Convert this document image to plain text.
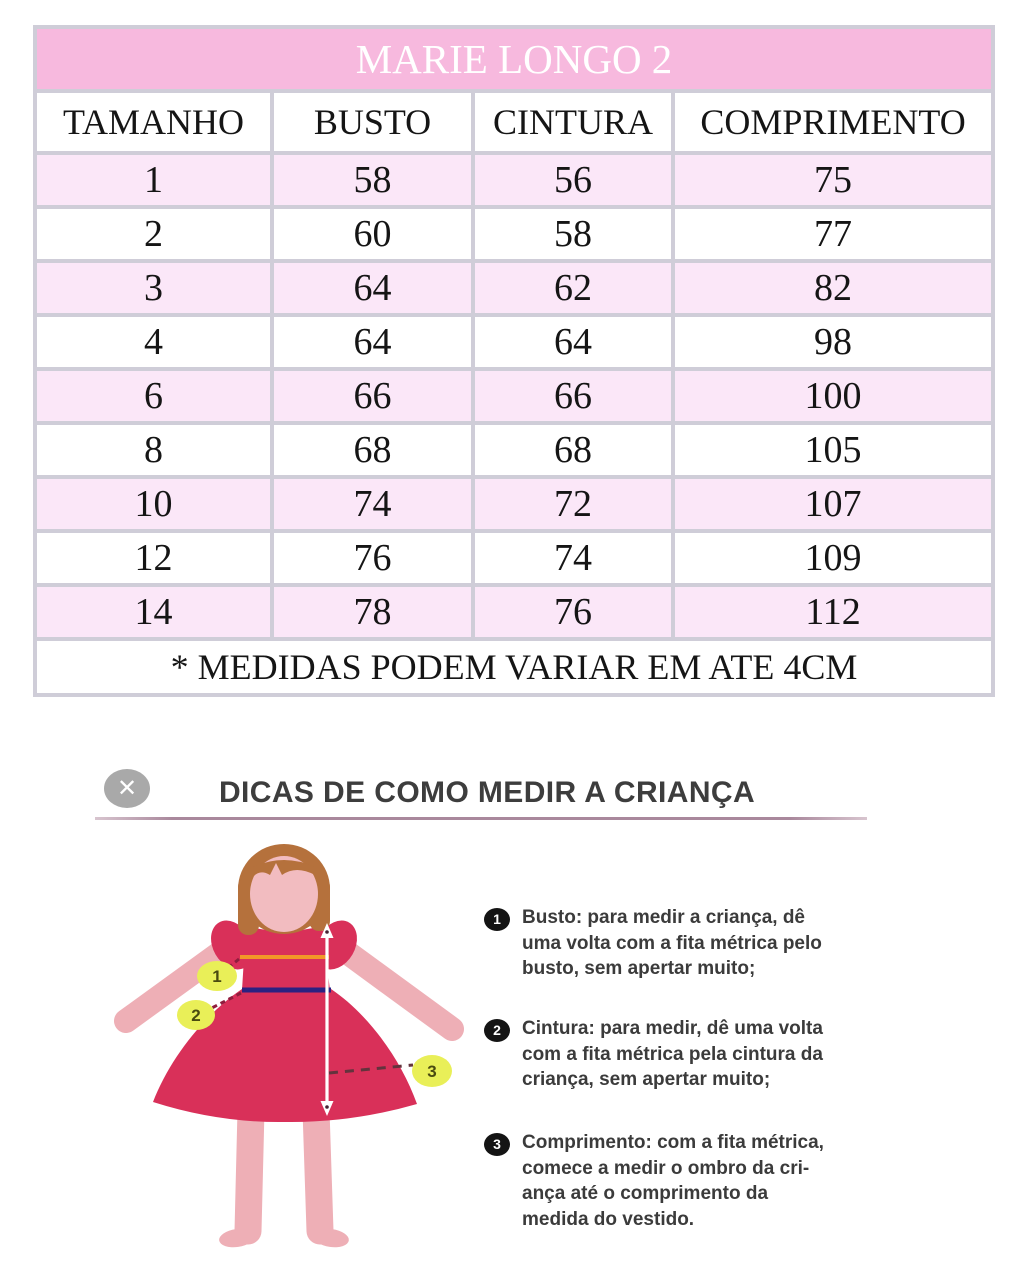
MARIE LONGO 2			
TAMANHO	BUSTO	CINTURA	COMPRIMENTO
1	58	56	75
2	60	58	77
3	64	62	82
4	64	64	98
6	66	66	100
8	68	68	105
10	74	72	107
12	76	74	109
14	78	76	112
* MEDIDAS PODEM VARIAR EM ATE 4CM			
✕	DICAS DE COMO MEDIR A CRIANÇA
1
2
3
1	Busto: para medir a criança, dê
uma volta com a fita métrica pelo
busto, sem apertar muito;
2	Cintura: para medir, dê uma volta
com a fita métrica pela cintura da
criança, sem apertar muito;
3	Comprimento: com a fita métrica,
comece a medir o ombro da cri-
ança até o comprimento da
medida do vestido.
